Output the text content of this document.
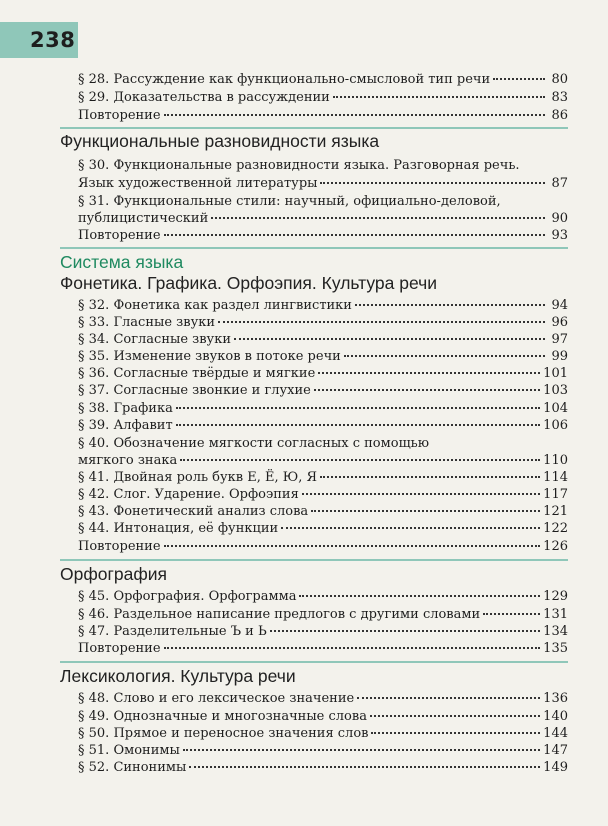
238
§ 28. Рассуждение как функционально-смысловой тип речи	80
§ 29. Доказательства в рассуждении	83
Повторение	86
Функциональные разновидности языка
§ 30. Функциональные разновидности языка. Разговорная речь.
Язык художественной литературы	87
§ 31. Функциональные стили: научный, официально-деловой,
публицистический	90
Повторение	93
Система языка
Фонетика. Графика. Орфоэпия. Культура речи
§ 32. Фонетика как раздел лингвистики	94
§ 33. Гласные звуки	96
§ 34. Согласные звуки	97
§ 35. Изменение звуков в потоке речи	99
§ 36. Согласные твёрдые и мягкие	101
§ 37. Согласные звонкие и глухие	103
§ 38. Графика	104
§ 39. Алфавит	106
§ 40. Обозначение мягкости согласных с помощью
мягкого знака	110
§ 41. Двойная роль букв Е, Ё, Ю, Я	114
§ 42. Слог. Ударение. Орфоэпия	117
§ 43. Фонетический анализ слова	121
§ 44. Интонация, её функции	122
Повторение	126
Орфография
§ 45. Орфография. Орфограмма	129
§ 46. Раздельное написание предлогов с другими словами	131
§ 47. Разделительные Ъ и Ь	134
Повторение	135
Лексикология. Культура речи
§ 48. Слово и его лексическое значение	136
§ 49. Однозначные и многозначные слова	140
§ 50. Прямое и переносное значения слов	144
§ 51. Омонимы	147
§ 52. Синонимы	149
